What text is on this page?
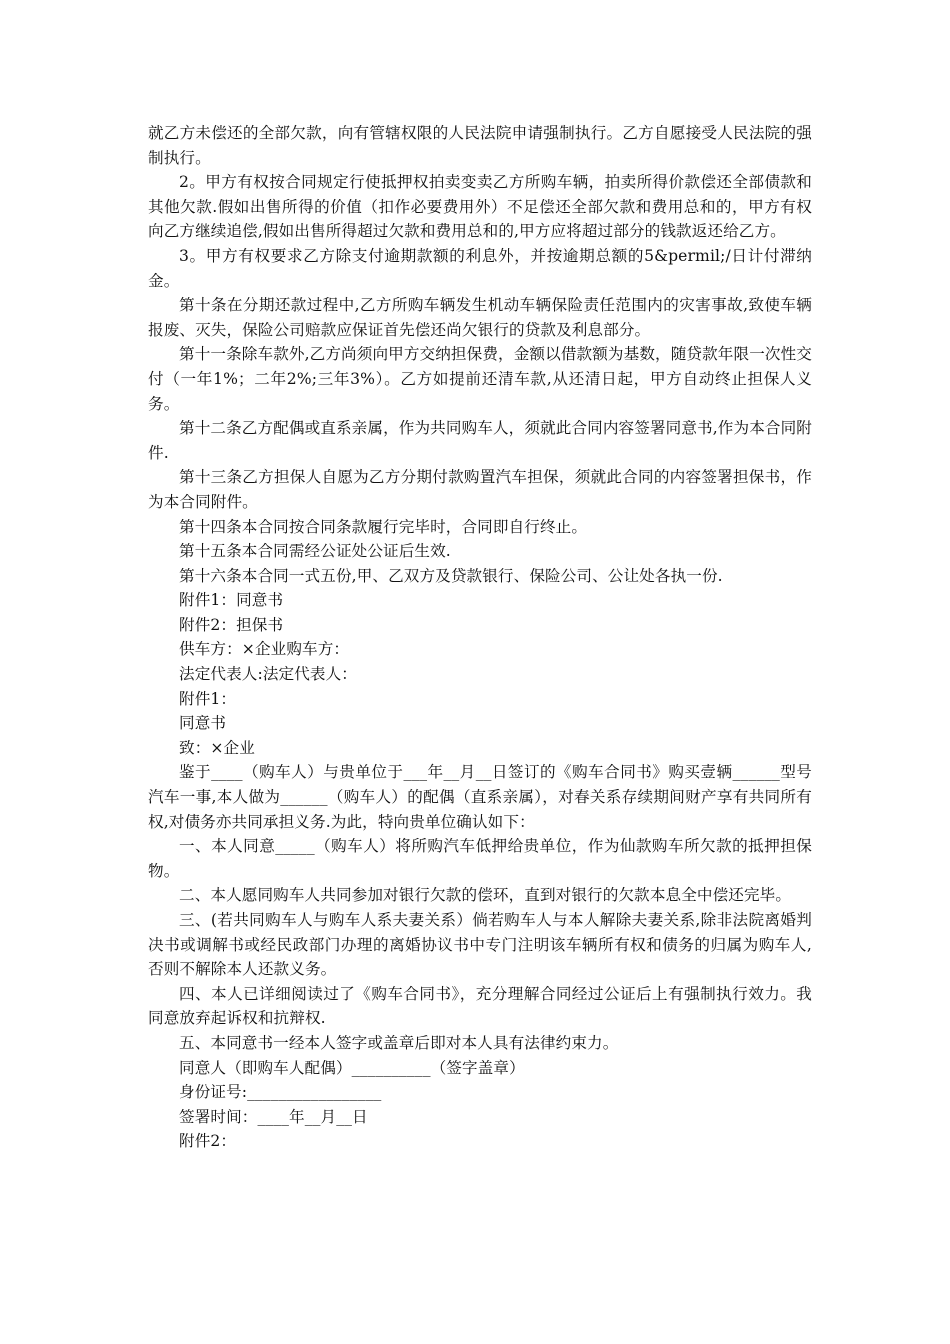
就乙方未偿还的全部欠款，向有管辖权限的人民法院申请强制执行。乙方自愿接受人民法院的强制执行。

2。甲方有权按合同规定行使抵押权拍卖变卖乙方所购车辆，拍卖所得价款偿还全部债款和其他欠款.假如出售所得的价值（扣作必要费用外）不足偿还全部欠款和费用总和的，甲方有权向乙方继续追偿,假如出售所得超过欠款和费用总和的,甲方应将超过部分的钱款返还给乙方。

3。甲方有权要求乙方除支付逾期款额的利息外，并按逾期总额的5&permil;/日计付滞纳金。

第十条在分期还款过程中,乙方所购车辆发生机动车辆保险责任范围内的灾害事故,致使车辆报废、灭失，保险公司赔款应保证首先偿还尚欠银行的贷款及利息部分。

第十一条除车款外,乙方尚须向甲方交纳担保费，金额以借款额为基数，随贷款年限一次性交付（一年1%；二年2%;三年3%）。乙方如提前还清车款,从还清日起，甲方自动终止担保人义务。

第十二条乙方配偶或直系亲属，作为共同购车人，须就此合同内容签署同意书,作为本合同附件.

第十三条乙方担保人自愿为乙方分期付款购置汽车担保，须就此合同的内容签署担保书，作为本合同附件。

第十四条本合同按合同条款履行完毕时，合同即自行终止。

第十五条本合同需经公证处公证后生效.

第十六条本合同一式五份,甲、乙双方及贷款银行、保险公司、公让处各执一份.

附件1：同意书

附件2：担保书

供车方：×企业购车方：

法定代表人:法定代表人：

附件1：

同意书

致：×企业

鉴于____（购车人）与贵单位于___年__月__日签订的《购车合同书》购买壹辆______型号汽车一事,本人做为______（购车人）的配偶（直系亲属），对春关系存续期间财产享有共同所有权,对债务亦共同承担义务.为此，特向贵单位确认如下：

一、本人同意_____（购车人）将所购汽车低押给贵单位，作为仙款购车所欠款的抵押担保物。

二、本人愿同购车人共同参加对银行欠款的偿环，直到对银行的欠款本息全中偿还完毕。

三、(若共同购车人与购车人系夫妻关系）倘若购车人与本人解除夫妻关系,除非法院离婚判决书或调解书或经民政部门办理的离婚协议书中专门注明该车辆所有权和债务的归属为购车人,否则不解除本人还款义务。

四、本人已详细阅读过了《购车合同书》，充分理解合同经过公证后上有强制执行效力。我同意放弃起诉权和抗辩权.

五、本同意书一经本人签字或盖章后即对本人具有法律约束力。

同意人（即购车人配偶）__________（签字盖章）

身份证号:_________________

签署时间：____年__月__日

附件2：
